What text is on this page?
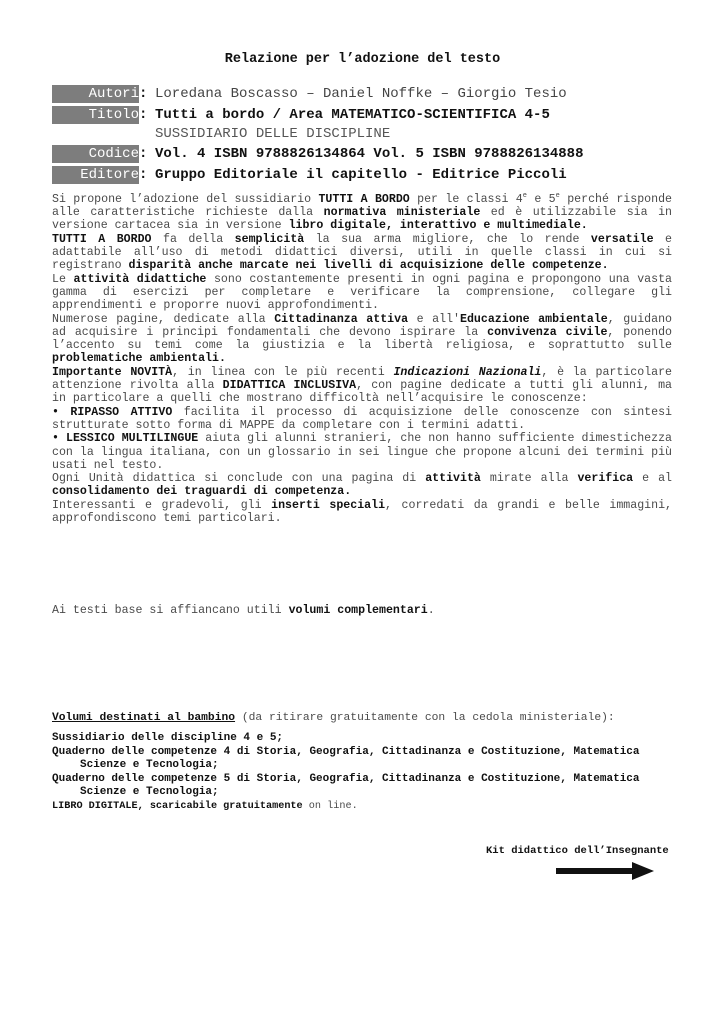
Relazione per l’adozione del testo
Autori : Loredana Boscasso – Daniel Noffke – Giorgio Tesio
Titolo : Tutti a bordo / Area MATEMATICO-SCIENTIFICA 4-5
SUSSIDIARIO DELLE DISCIPLINE
Codice : Vol. 4 ISBN 9788826134864 Vol. 5 ISBN 9788826134888
Editore : Gruppo Editoriale il capitello - Editrice Piccoli

Si propone l’adozione del sussidiario TUTTI A BORDO per le classi 4e e 5e perché risponde alle caratteristiche richieste dalla normativa ministeriale ed è utilizzabile sia in versione cartacea sia in versione libro digitale, interattivo e multimediale.

TUTTI A BORDO fa della semplicità la sua arma migliore, che lo rende versatile e adattabile all’uso di metodi didattici diversi, utili in quelle classi in cui si registrano disparità anche marcate nei livelli di acquisizione delle competenze.

Le attività didattiche sono costantemente presenti in ogni pagina e propongono una vasta gamma di esercizi per completare e verificare la comprensione, collegare gli apprendimenti e proporre nuovi approfondimenti.

Numerose pagine, dedicate alla Cittadinanza attiva e all'Educazione ambientale, guidano ad acquisire i principi fondamentali che devono ispirare la convivenza civile, ponendo l’accento su temi come la giustizia e la libertà religiosa, e soprattutto sulle problematiche ambientali.

Importante NOVITÀ, in linea con le più recenti Indicazioni Nazionali, è la particolare attenzione rivolta alla DIDATTICA INCLUSIVA, con pagine dedicate a tutti gli alunni, ma in particolare a quelli che mostrano difficoltà nell’acquisire le conoscenze:

• RIPASSO ATTIVO facilita il processo di acquisizione delle conoscenze con sintesi strutturate sotto forma di MAPPE da completare con i termini adatti.

• LESSICO MULTILINGUE aiuta gli alunni stranieri, che non hanno sufficiente dimestichezza con la lingua italiana, con un glossario in sei lingue che propone alcuni dei termini più usati nel testo.

Ogni Unità didattica si conclude con una pagina di attività mirate alla verifica e al consolidamento dei traguardi di competenza.

Interessanti e gradevoli, gli inserti speciali, corredati da grandi e belle immagini, approfondiscono temi particolari.

Ai testi base si affiancano utili volumi complementari.
Volumi destinati al bambino (da ritirare gratuitamente con la cedola ministeriale):
Sussidiario delle discipline 4 e 5;
Quaderno delle competenze 4 di Storia, Geografia, Cittadinanza e Costituzione, Matematica
Scienze e Tecnologia;
Quaderno delle competenze 5 di Storia, Geografia, Cittadinanza e Costituzione, Matematica
Scienze e Tecnologia;
LIBRO DIGITALE, scaricabile gratuitamente on line.
Kit didattico dell’Insegnante
